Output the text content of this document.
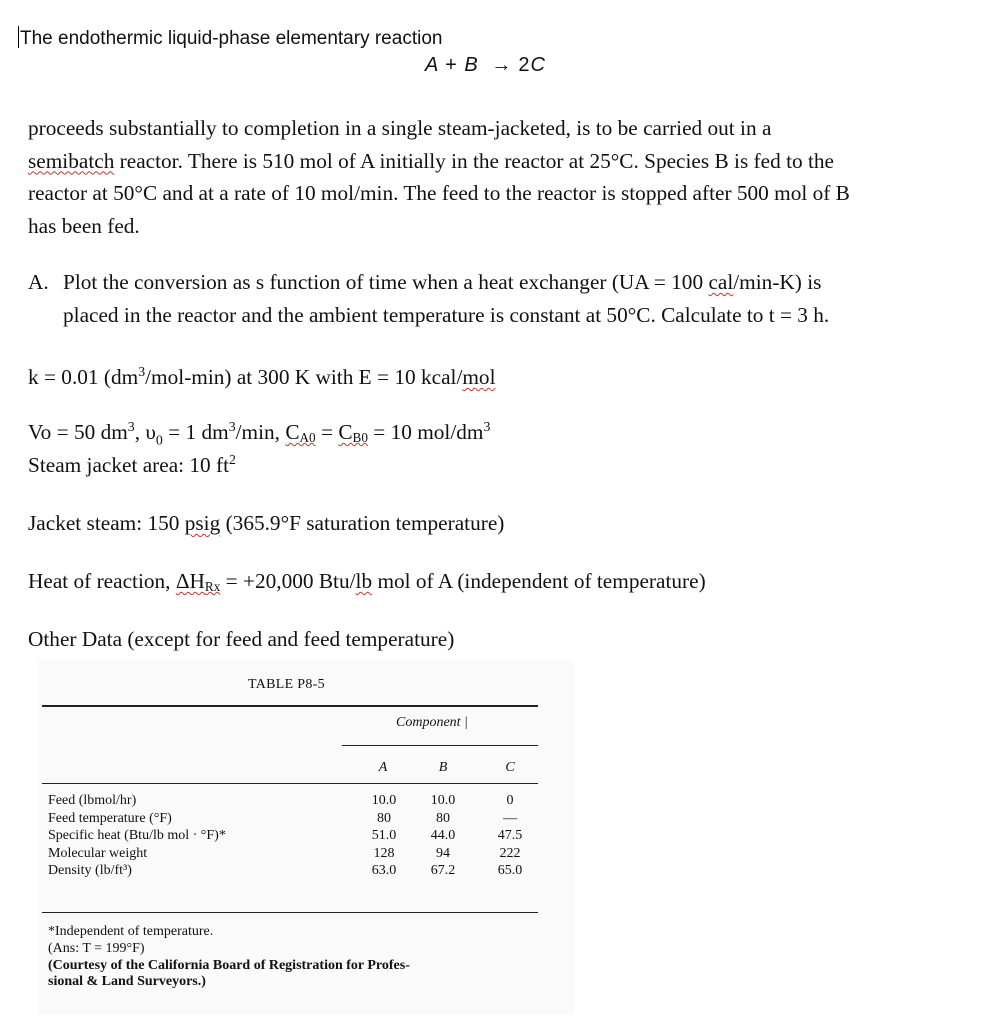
The endothermic liquid-phase elementary reaction
A + B → 2C
proceeds substantially to completion in a single steam-jacketed, is to be carried out in a
semibatch reactor. There is 510 mol of A initially in the reactor at 25°C. Species B is fed to the
reactor at 50°C and at a rate of 10 mol/min. The feed to the reactor is stopped after 500 mol of B
has been fed.
A. Plot the conversion as s function of time when a heat exchanger (UA = 100 cal/min-K) is
placed in the reactor and the ambient temperature is constant at 50°C. Calculate to t = 3 h.
k = 0.01 $(dm^3/mol-\min)$ at 300 K with E = 10 kcal/mol
Vo = 50 $dm^3$, $\upsilon_0 = 1$ $dm^3/\min$, CA0 = CB0 = 10 mol/$dm^3$
Steam jacket area: 10 $ft^2$
Jacket steam: 150 psig (365.9°F saturation temperature)
Heat of reaction, ΔHRx = +20,000 Btu/lb mol of A (independent of temperature)
Other Data (except for feed and feed temperature)
TABLE P8-5
Component |
A	B	C
Feed (lbmol/hr)
Feed temperature (°F)
Specific heat (Btu/lb mol · °F)*
Molecular weight
Density (lb/ft³)
10.0
80
51.0
128
63.0
10.0
80
44.0
94
67.2
0
—
47.5
222
65.0
*Independent of temperature.
(Ans: T = 199°F)
(Courtesy of the California Board of Registration for Profes-
sional & Land Surveyors.)
